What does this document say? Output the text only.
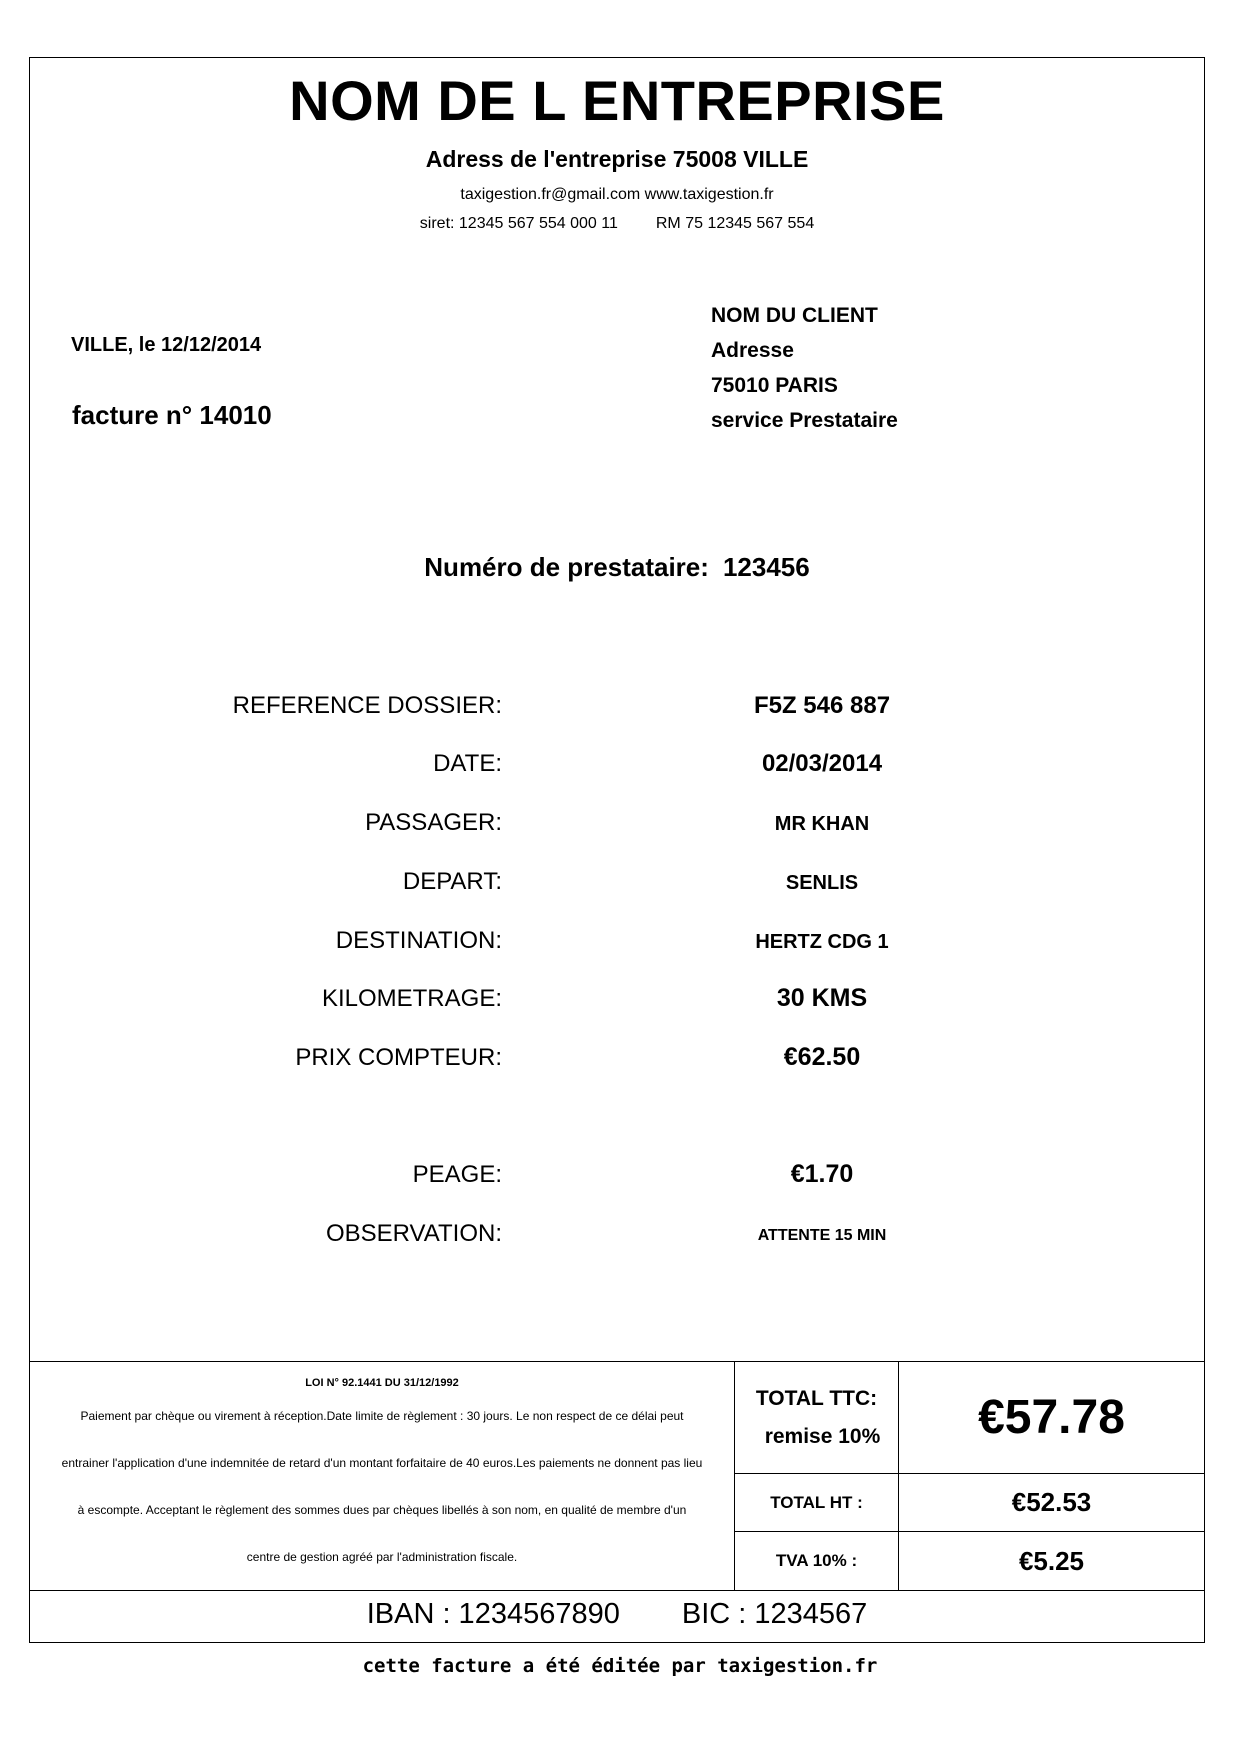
NOM DE L ENTREPRISE
Adress de l'entreprise 75008 VILLE
taxigestion.fr@gmail.com www.taxigestion.fr
siret: 12345 567 554 000 11 RM 75 12345 567 554
VILLE, le 12/12/2014
facture n° 14010
NOM DU CLIENT
Adresse
75010 PARIS
service Prestataire
Numéro de prestataire: 123456
REFERENCE DOSSIER:	F5Z 546 887
DATE:	02/03/2014
PASSAGER:	MR KHAN
DEPART:	SENLIS
DESTINATION:	HERTZ CDG 1
KILOMETRAGE:	30 KMS
PRIX COMPTEUR:	€62.50
PEAGE:	€1.70
OBSERVATION:	ATTENTE 15 MIN
LOI N° 92.1441 DU 31/12/1992
Paiement par chèque ou virement à réception.Date limite de règlement : 30 jours. Le non respect de ce délai peut
entrainer l'application d'une indemnitée de retard d'un montant forfaitaire de 40 euros.Les paiements ne donnent pas lieu
à escompte. Acceptant le règlement des sommes dues par chèques libellés à son nom, en qualité de membre d'un
centre de gestion agréé par l'administration fiscale.
TOTAL TTC:
remise 10%	€57.78
TOTAL HT :	€52.53
TVA 10% :	€5.25
IBAN : 1234567890 BIC : 1234567
cette facture a été éditée par taxigestion.fr
